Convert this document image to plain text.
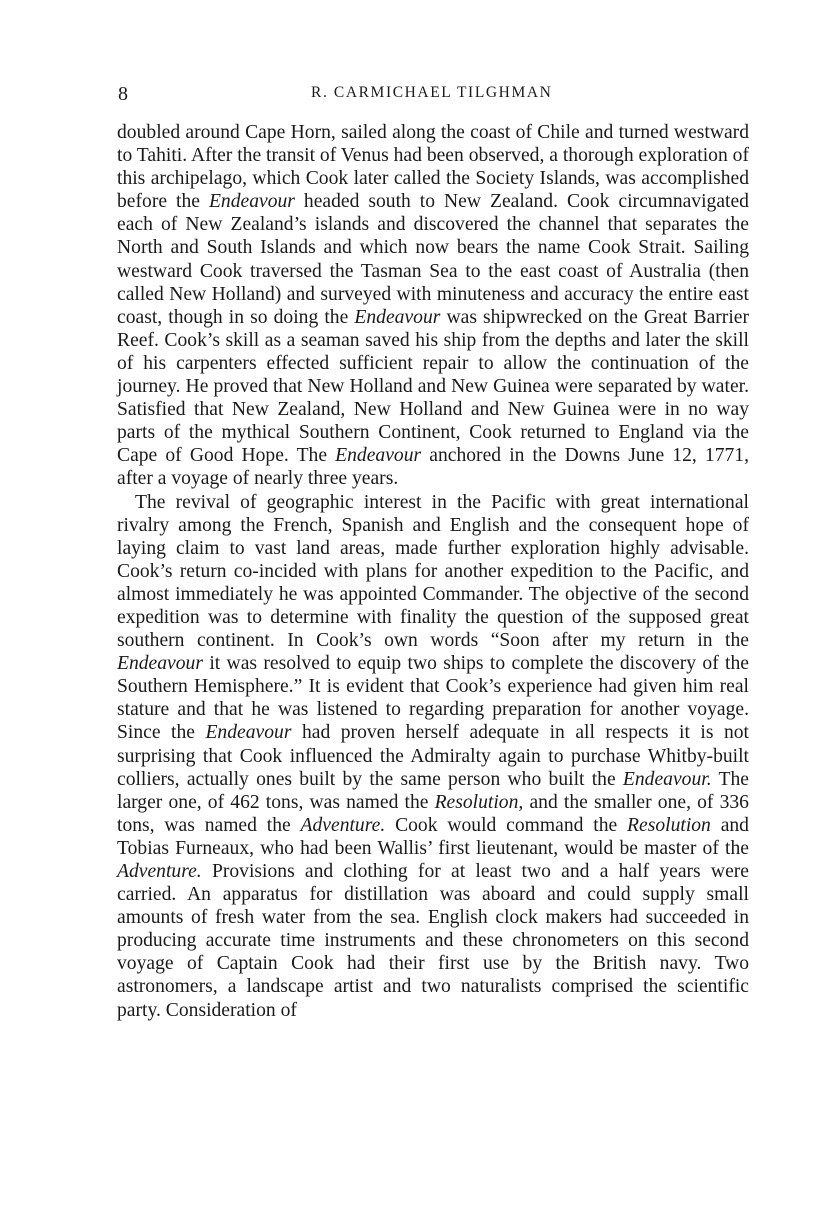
8	R. CARMICHAEL TILGHMAN

doubled around Cape Horn, sailed along the coast of Chile and turned westward to Tahiti. After the transit of Venus had been observed, a thorough exploration of this archipelago, which Cook later called the Society Islands, was accomplished before the Endeavour headed south to New Zealand. Cook circumnavigated each of New Zealand’s islands and discovered the channel that separates the North and South Islands and which now bears the name Cook Strait. Sailing westward Cook traversed the Tasman Sea to the east coast of Australia (then called New Holland) and surveyed with minuteness and accuracy the entire east coast, though in so doing the Endeavour was shipwrecked on the Great Barrier Reef. Cook’s skill as a seaman saved his ship from the depths and later the skill of his carpenters effected sufficient repair to allow the continuation of the journey. He proved that New Holland and New Guinea were separated by water. Satisfied that New Zealand, New Holland and New Guinea were in no way parts of the mythical Southern Continent, Cook returned to England via the Cape of Good Hope. The Endeavour anchored in the Downs June 12, 1771, after a voyage of nearly three years.

The revival of geographic interest in the Pacific with great international rivalry among the French, Spanish and English and the consequent hope of laying claim to vast land areas, made further exploration highly advisable. Cook’s return co-incided with plans for another expedition to the Pacific, and almost immediately he was appointed Commander. The objective of the second expedition was to determine with finality the question of the supposed great southern continent. In Cook’s own words “Soon after my return in the Endeavour it was resolved to equip two ships to complete the discovery of the Southern Hemisphere.” It is evident that Cook’s experience had given him real stature and that he was listened to regarding preparation for another voyage. Since the Endeavour had proven herself adequate in all respects it is not surprising that Cook influenced the Admiralty again to purchase Whitby-built colliers, actually ones built by the same person who built the Endeavour. The larger one, of 462 tons, was named the Resolution, and the smaller one, of 336 tons, was named the Adventure. Cook would command the Resolution and Tobias Furneaux, who had been Wallis’ first lieutenant, would be master of the Adventure. Provisions and clothing for at least two and a half years were carried. An apparatus for distillation was aboard and could supply small amounts of fresh water from the sea. English clock makers had succeeded in producing accurate time instruments and these chronometers on this second voyage of Captain Cook had their first use by the British navy. Two astronomers, a landscape artist and two naturalists comprised the scientific party. Consideration of
